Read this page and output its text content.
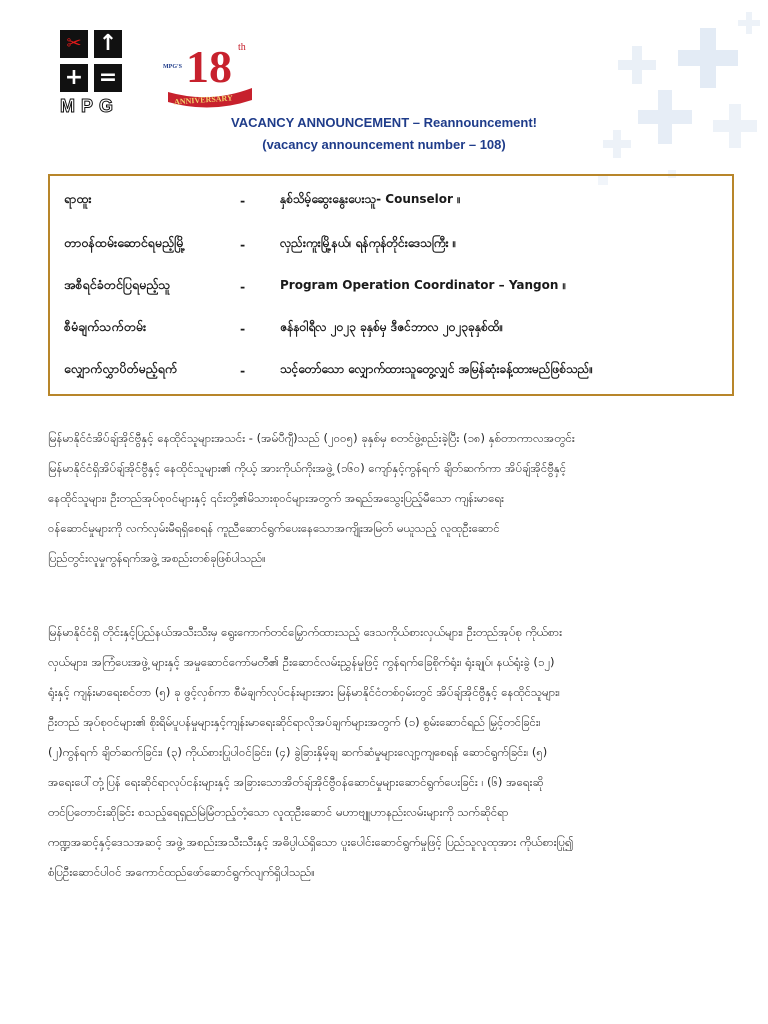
✂ ↑
+ =
MPG
MPG'S 18 th
ANNIVERSARY
VACANCY ANNOUNCEMENT – Reannouncement!
(vacancy announcement number – 108)
ရာထူး	-	နှစ်သိမ့်ဆွေးနွေးပေးသူ- Counselor ။
တာဝန်ထမ်းဆောင်ရမည့်မြို့	-	လှည်းကူးမြို့နယ်၊ ရန်ကုန်တိုင်းဒေသကြီး ။
အစီရင်ခံတင်ပြရမည့်သူ	-	Program Operation Coordinator – Yangon ။
စီမံချက်သက်တမ်း	-	ဇန်နဝါရီလ ၂၀၂၃ ခုနှစ်မှ ဒီဇင်ဘာလ ၂၀၂၃ခုနှစ်ထိ။
လျှောက်လွှာပိတ်မည့်ရက်	-	သင့်တော်သော လျှောက်ထားသူတွေ့လျှင် အမြန်ဆုံးခန့်ထားမည်ဖြစ်သည်။
မြန်မာနိုင်ငံအိပ်ချ်အိုင်ဗွီနှင့် နေထိုင်သူများအသင်း - (အမ်ပီဂျီ)သည် (၂၀၀၅) ခုနှစ်မှ စတင်ဖွဲ့စည်းခဲ့ပြီး (၁၈) နှစ်တာကာလအတွင်း
မြန်မာနိုင်ငံရှိအိပ်ချ်အိုင်ဗွီနှင့် နေထိုင်သူများ၏ ကိုယ့် အားကိုယ်ကိုးအဖွဲ့ (၁၆၀) ကျော်နှင့်ကွန်ရက် ချိတ်ဆက်ကာ အိပ်ချ်အိုင်ဗွီနှင့်
နေထိုင်သူများ၊ ဦးတည်အုပ်စုဝင်များနှင့် ၎င်းတို့၏မိသားစုဝင်များအတွက် အရည်အသွေးပြည့်မီသော ကျန်းမာရေး
ဝန်ဆောင်မှုများကို လက်လှမ်းမီရရှိစေရန် ကူညီဆောင်ရွက်ပေးနေသောအကျိုးအမြတ် မယူသည့် လူထုဦးဆောင်
ပြည်တွင်းလူမှုကွန်ရက်အဖွဲ့ အစည်းတစ်ခုဖြစ်ပါသည်။
မြန်မာနိုင်ငံရှိ တိုင်းနှင့်ပြည်နယ်အသီးသီးမှ ရွေးကောက်တင်မြှောက်ထားသည့် ဒေသကိုယ်စားလှယ်များ၊ ဦးတည်အုပ်စု ကိုယ်စား
လှယ်များ၊ အကြံပေးအဖွဲ့ များနှင့် အမှုဆောင်ကော်မတီ၏ ဦးဆောင်လမ်းညွှန်မှုဖြင့် ကွန်ရက်ခြေစိုက်ရုံး၊ ရုံးချုပ်၊ နယ်ရုံးခွဲ (၁၂)
ရုံးနှင့် ကျန်းမာရေးစင်တာ (၅) ခု ဖွင့်လှစ်ကာ စီမံချက်လုပ်ငန်းများအား မြန်မာနိုင်ငံတစ်ဝှမ်းတွင် အိပ်ချ်အိုင်ဗွီနှင့် နေထိုင်သူများ၊
ဦးတည် အုပ်စုဝင်များ၏ စိုးရိမ်ပူပန်မှုများနှင့်ကျန်းမာရေးဆိုင်ရာလိုအပ်ချက်များအတွက် (၁) စွမ်းဆောင်ရည် မြှင့်တင်ခြင်း၊
(၂)ကွန်ရက် ချိတ်ဆက်ခြင်း၊ (၃) ကိုယ်စားပြုပါဝင်ခြင်း၊ (၄) ခွဲခြားနှိမ့်ချ ဆက်ဆံမှုများလျော့ကျစေရန် ဆောင်ရွက်ခြင်း၊ (၅)
အရေးပေါ်တုံ့ပြန် ရေးဆိုင်ရာလုပ်ငန်းများနှင့် အခြားသောအိတ်ချ်အိုင်ဗွီဝန်ဆောင်မှုများဆောင်ရွက်ပေးခြင်း ၊ (၆) အရေးဆို
တင်ပြတောင်းဆိုခြင်း စသည့်ရေရှည်မြဲမြံတည့်တံ့သော လူထုဦးဆောင် မဟာဗျူဟာနည်းလမ်းများကို သက်ဆိုင်ရာ
ကဏ္ဍအဆင့်နှင့်ဒေသအဆင့် အဖွဲ့ အစည်းအသီးသီးနှင့် အဓိပ္ပါယ်ရှိသော ပူးပေါင်းဆောင်ရွက်မှုဖြင့် ပြည်သူလူထုအား ကိုယ်စားပြု၍
စံပြဦးဆောင်ပါဝင် အကောင်ထည်ဖော်ဆောင်ရွက်လျက်ရှိပါသည်။
